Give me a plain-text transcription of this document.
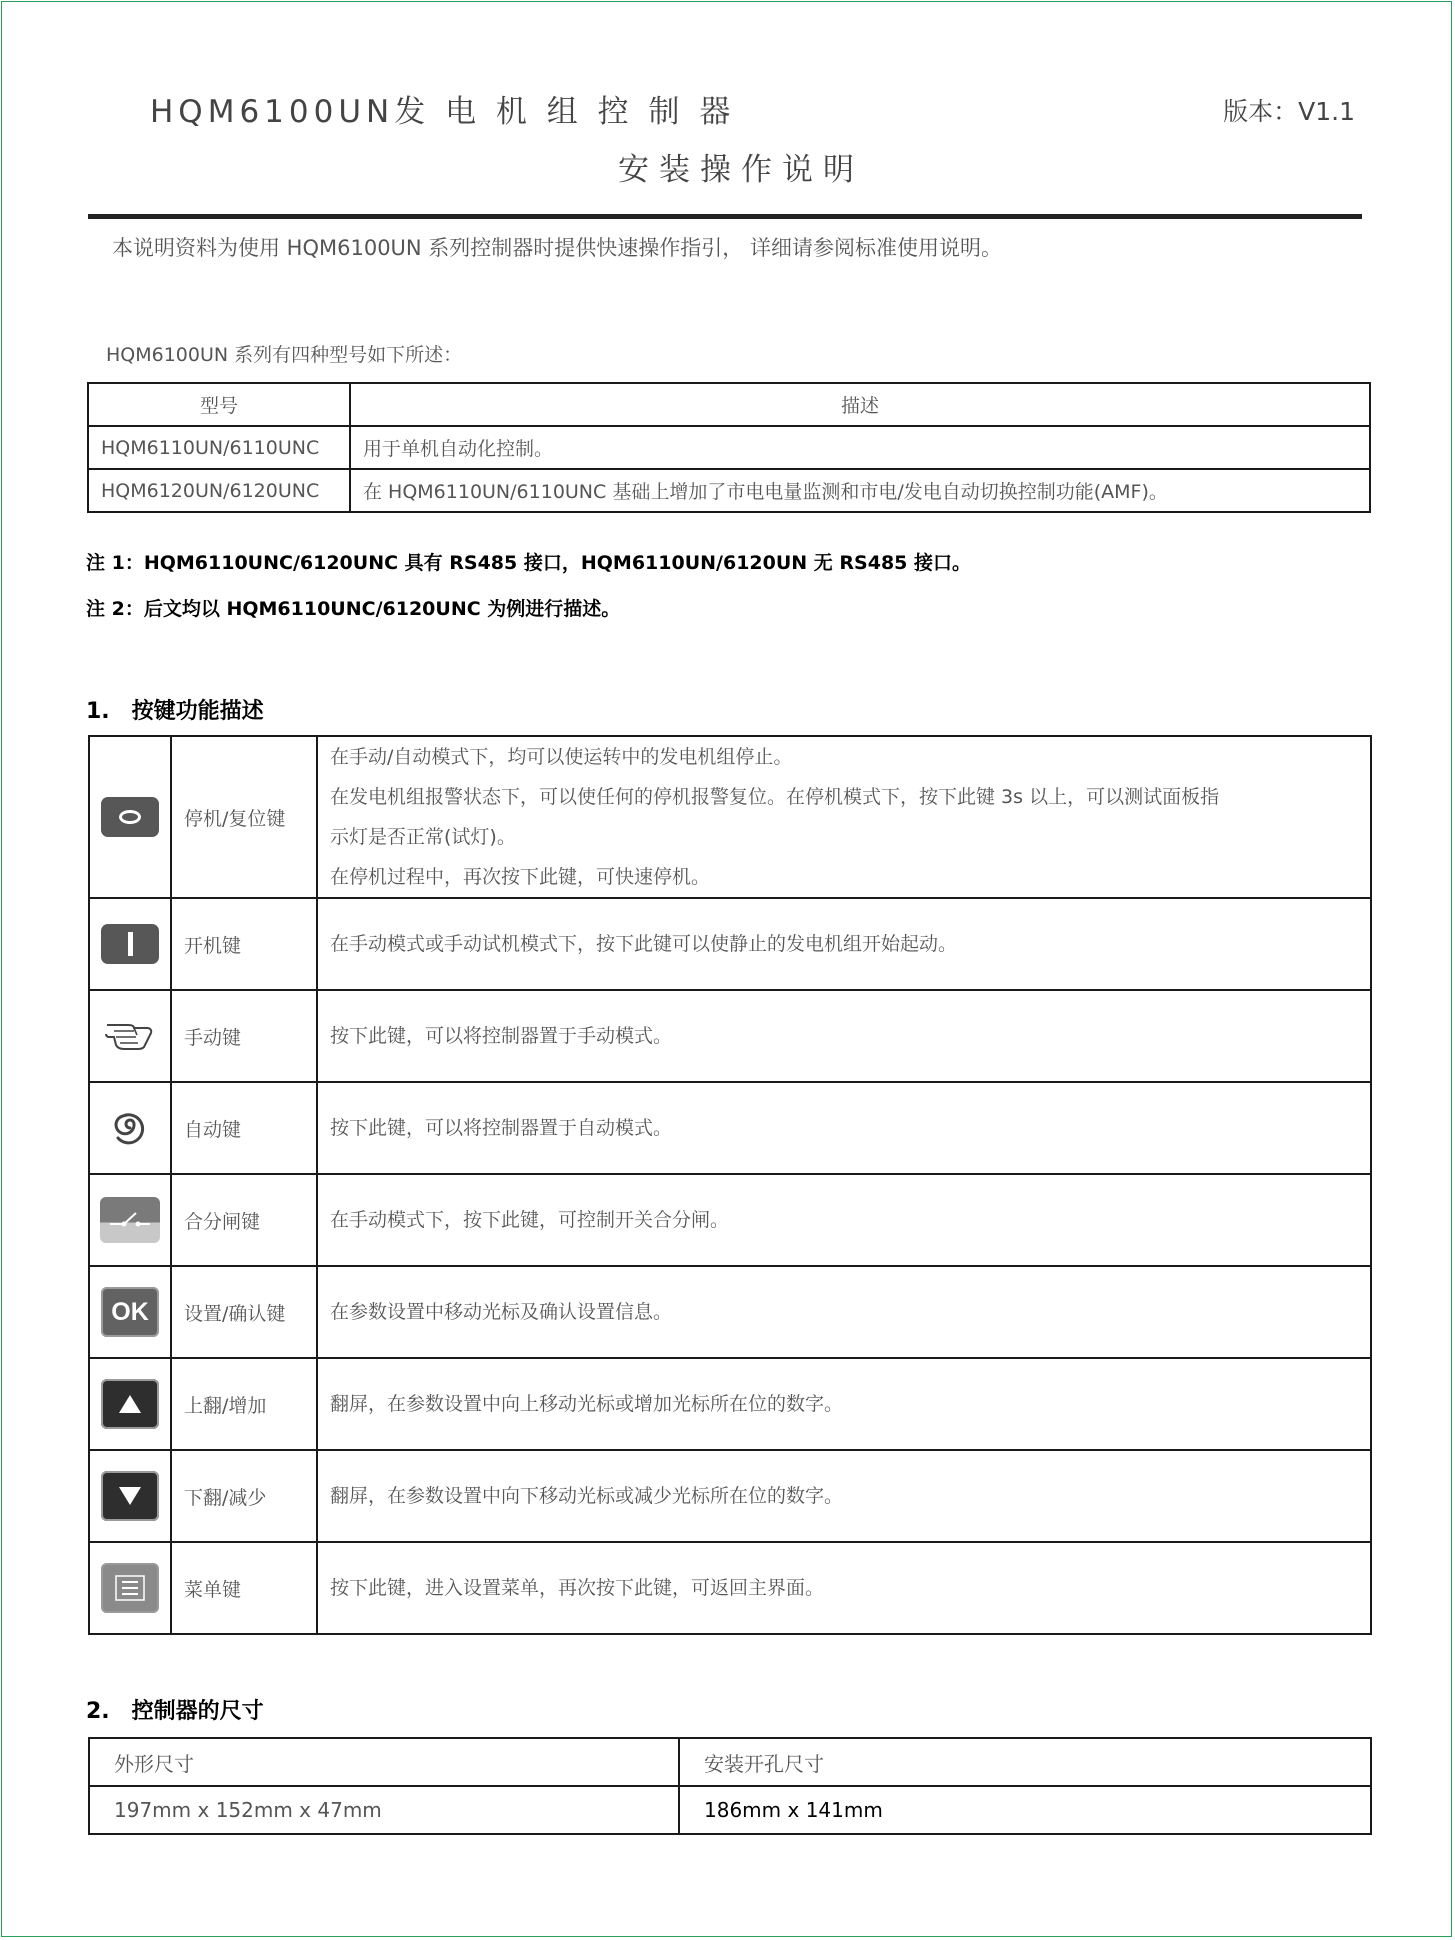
HQM6100UN发 电 机 组 控 制 器	版本：V1.1
安装操作说明
本说明资料为使用 HQM6100UN 系列控制器时提供快速操作指引， 详细请参阅标准使用说明。
HQM6100UN 系列有四种型号如下所述：
型号	描述
HQM6110UN/6110UNC	用于单机自动化控制。
HQM6120UN/6120UNC	在 HQM6110UN/6110UNC 基础上增加了市电电量监测和市电/发电自动切换控制功能(AMF)。
注 1：HQM6110UNC/6120UNC 具有 RS485 接口，HQM6110UN/6120UN 无 RS485 接口。
注 2：后文均以 HQM6110UNC/6120UNC 为例进行描述。
1.　按键功能描述
	停机/复位键	在手动/自动模式下，均可以使运转中的发电机组停止。

在发电机组报警状态下，可以使任何的停机报警复位。在停机模式下，按下此键 3s 以上，可以测试面板指

示灯是否正常(试灯)。

在停机过程中，再次按下此键，可快速停机。

	开机键	在手动模式或手动试机模式下，按下此键可以使静止的发电机组开始起动。
	手动键	按下此键，可以将控制器置于手动模式。
	自动键	按下此键，可以将控制器置于自动模式。

	合分闸键	在手动模式下，按下此键，可控制开关合分闸。

OK	设置/确认键	在参数设置中移动光标及确认设置信息。

	上翻/增加	翻屏，在参数设置中向上移动光标或增加光标所在位的数字。

	下翻/减少	翻屏，在参数设置中向下移动光标或减少光标所在位的数字。

	菜单键	按下此键，进入设置菜单，再次按下此键，可返回主界面。
2.　控制器的尺寸
外形尺寸	安装开孔尺寸
197mm x 152mm x 47mm	186mm x 141mm
